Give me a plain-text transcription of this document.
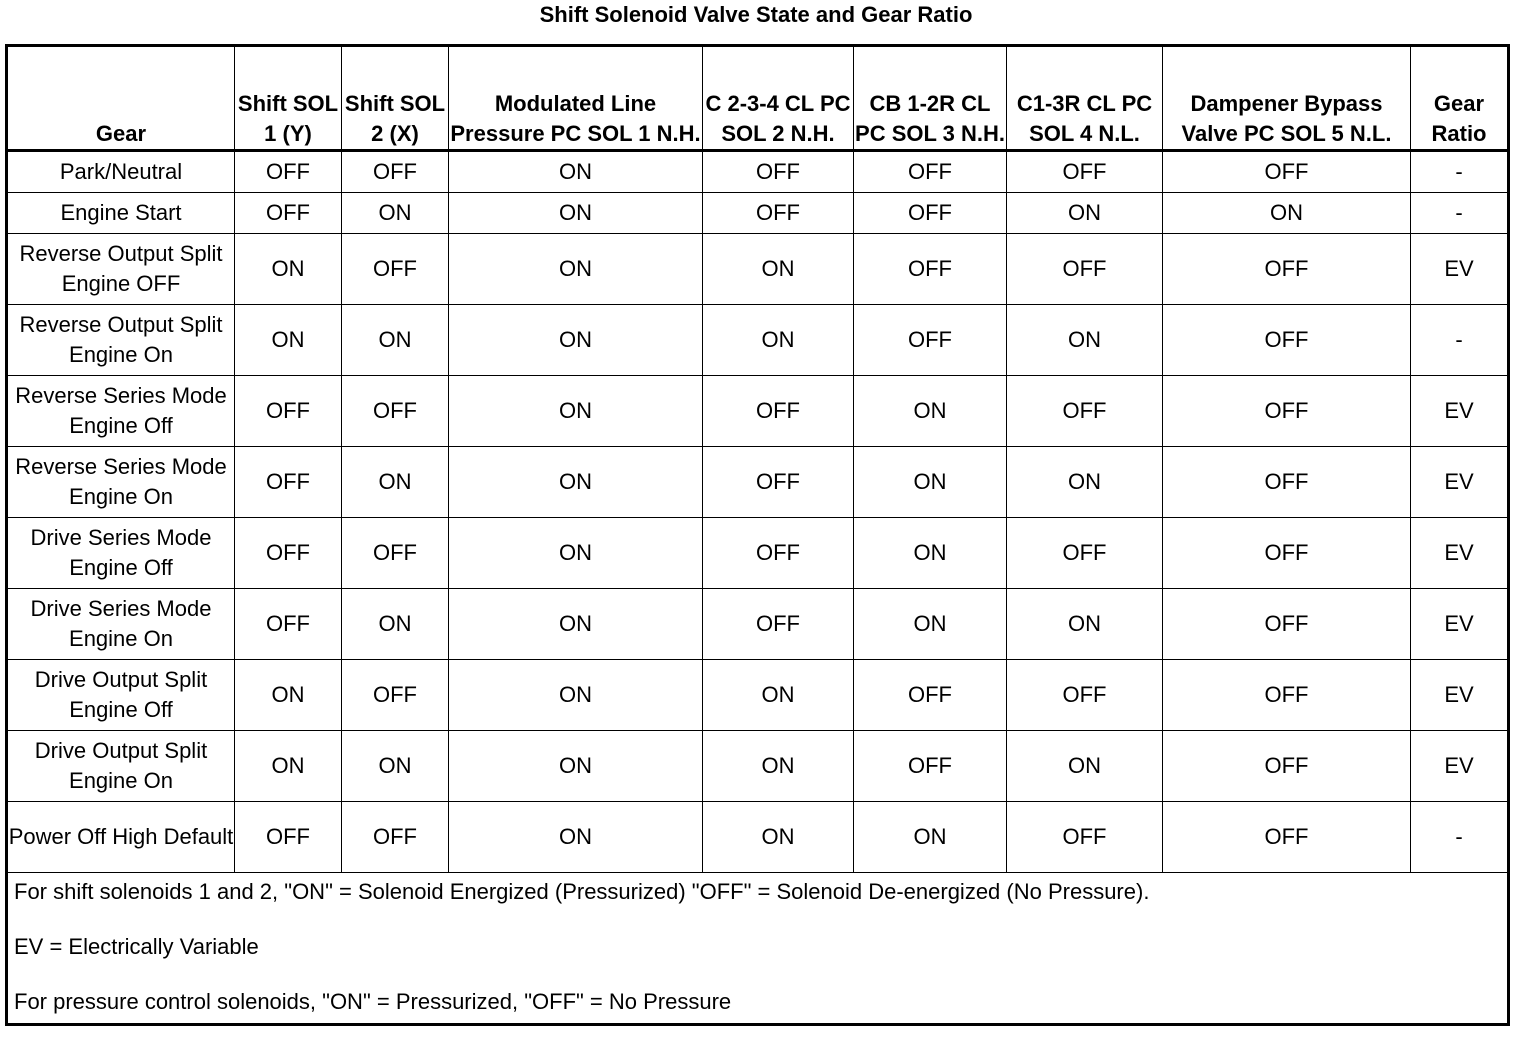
Shift Solenoid Valve State and Gear Ratio
Gear	Shift SOL 1 (Y)	Shift SOL 2 (X)	Modulated Line Pressure PC SOL 1 N.H.	C 2-3-4 CL PC SOL 2 N.H.	CB 1-2R CL PC SOL 3 N.H.	C1-3R CL PC SOL 4 N.L.	Dampener Bypass Valve PC SOL 5 N.L.	Gear Ratio
Park/Neutral	OFF	OFF	ON	OFF	OFF	OFF	OFF	-
Engine Start	OFF	ON	ON	OFF	OFF	ON	ON	-
Reverse Output Split Engine OFF	ON	OFF	ON	ON	OFF	OFF	OFF	EV
Reverse Output Split Engine On	ON	ON	ON	ON	OFF	ON	OFF	-
Reverse Series Mode Engine Off	OFF	OFF	ON	OFF	ON	OFF	OFF	EV
Reverse Series Mode Engine On	OFF	ON	ON	OFF	ON	ON	OFF	EV
Drive Series Mode Engine Off	OFF	OFF	ON	OFF	ON	OFF	OFF	EV
Drive Series Mode Engine On	OFF	ON	ON	OFF	ON	ON	OFF	EV
Drive Output Split Engine Off	ON	OFF	ON	ON	OFF	OFF	OFF	EV
Drive Output Split Engine On	ON	ON	ON	ON	OFF	ON	OFF	EV
Power Off High Default	OFF	OFF	ON	ON	ON	OFF	OFF	-

For shift solenoids 1 and 2, "ON" = Solenoid Energized (Pressurized) "OFF" = Solenoid De-energized (No Pressure).
EV = Electrically Variable
For pressure control solenoids, "ON" = Pressurized, "OFF" = No Pressure								
